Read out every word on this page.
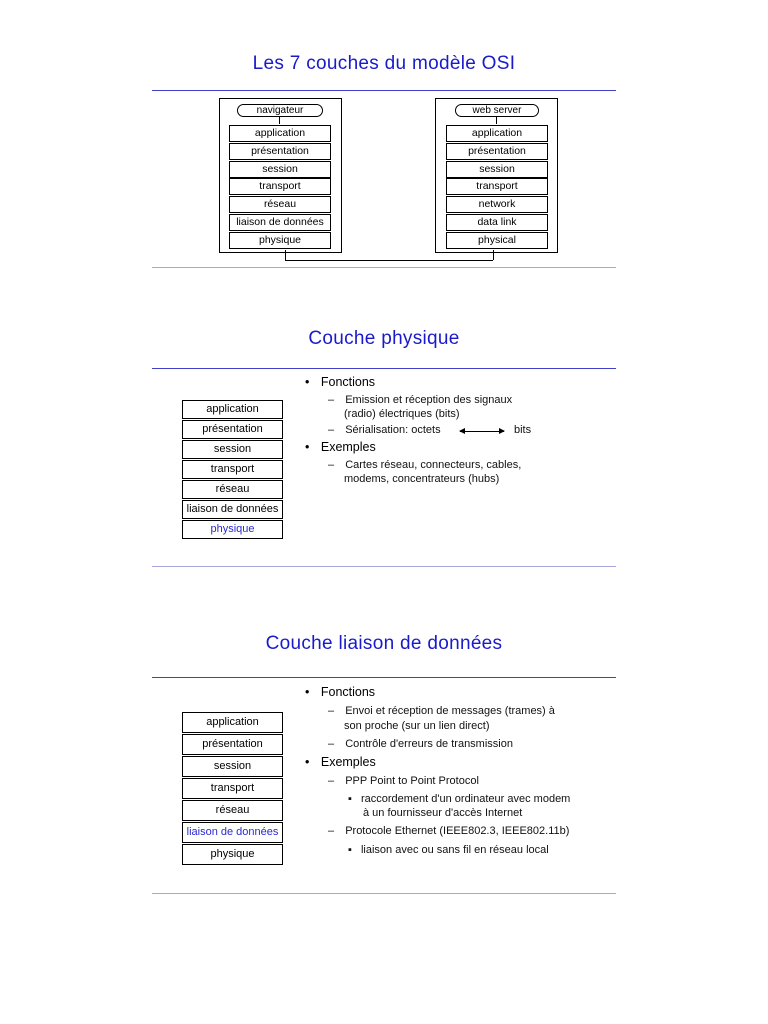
Les 7 couches du modèle OSI
navigateur
application
présentation
session
transport
réseau
liaison de données
physique
web server
application
présentation
session
transport
network
data link
physical
Couche physique
application
présentation
session
transport
réseau
liaison de données
physique
• Fonctions
– Emission et réception des signaux
(radio) électriques (bits)
– Sérialisation: octets	bits
• Exemples
– Cartes réseau, connecteurs, cables,
modems, concentrateurs (hubs)
Couche liaison de données
application
présentation
session
transport
réseau
liaison de données
physique
• Fonctions
– Envoi et réception de messages (trames) à
son proche (sur un lien direct)
– Contrôle d'erreurs de transmission
• Exemples
– PPP Point to Point Protocol
▪ raccordement d'un ordinateur avec modem
à un fournisseur d'accès Internet
– Protocole Ethernet (IEEE802.3, IEEE802.11b)
▪ liaison avec ou sans fil en réseau local
